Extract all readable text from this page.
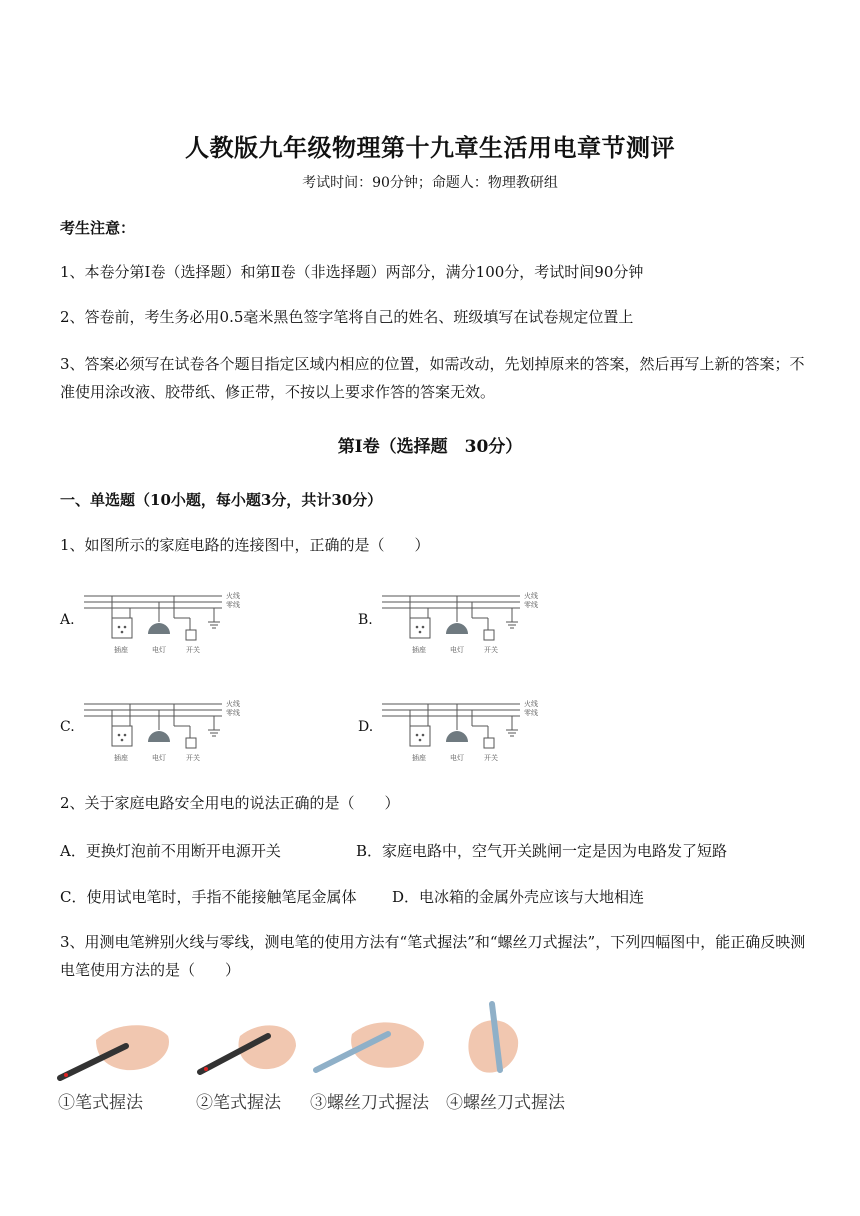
人教版九年级物理第十九章生活用电章节测评
考试时间：90分钟；命题人：物理教研组
考生注意：
1、本卷分第Ⅰ卷（选择题）和第Ⅱ卷（非选择题）两部分，满分100分，考试时间90分钟
2、答卷前，考生务必用0.5毫米黑色签字笔将自己的姓名、班级填写在试卷规定位置上
3、答案必须写在试卷各个题目指定区域内相应的位置，如需改动，先划掉原来的答案，然后再写上新的答案；不准使用涂改液、胶带纸、修正带，不按以上要求作答的答案无效。
第Ⅰ卷（选择题　30分）
一、单选题（10小题，每小题3分，共计30分）
1、如图所示的家庭电路的连接图中，正确的是（　　）
A.	B.
C.	D.
火线
零线
插座	电灯	开关
火线
零线
插座	电灯	开关
火线
零线
插座	电灯	开关
火线
零线
插座	电灯	开关
2、关于家庭电路安全用电的说法正确的是（　　）
A．更换灯泡前不用断开电源开关	B．家庭电路中，空气开关跳闸一定是因为电路发了短路
C．使用试电笔时，手指不能接触笔尾金属体 D．电冰箱的金属外壳应该与大地相连
3、用测电笔辨别火线与零线，测电笔的使用方法有“笔式握法”和“螺丝刀式握法”，下列四幅图中，能正确反映测电笔使用方法的是（　　）
①笔式握法	②笔式握法 ③螺丝刀式握法 ④螺丝刀式握法
